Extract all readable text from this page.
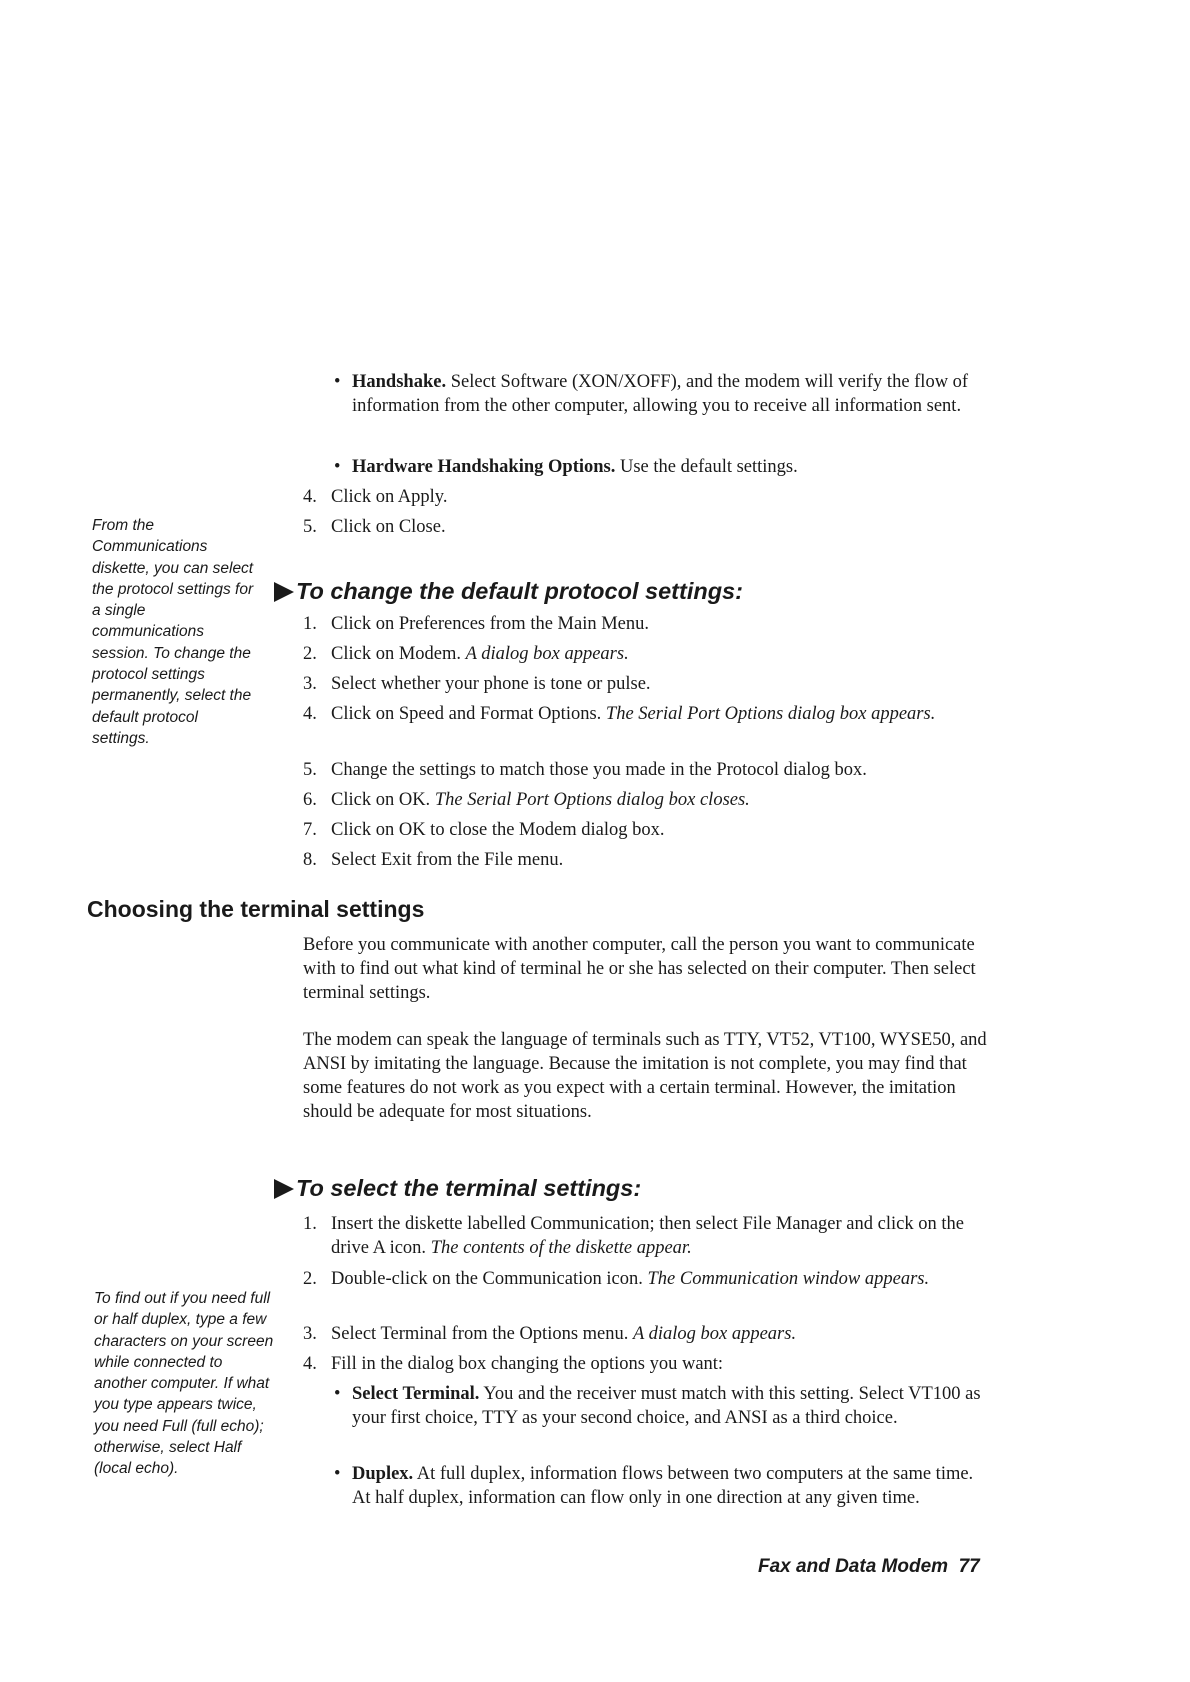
• Handshake. Select Software (XON/XOFF), and the modem will verify the flow of information from the other computer, allowing you to receive all information sent.
• Hardware Handshaking Options. Use the default settings.
4. Click on Apply.
5. Click on Close.
From the Communications diskette, you can select the protocol settings for a single communications session. To change the protocol settings permanently, select the default protocol settings.
To change the default protocol settings:
1. Click on Preferences from the Main Menu.
2. Click on Modem. A dialog box appears.
3. Select whether your phone is tone or pulse.
4. Click on Speed and Format Options. The Serial Port Options dialog box appears.
5. Change the settings to match those you made in the Protocol dialog box.
6. Click on OK. The Serial Port Options dialog box closes.
7. Click on OK to close the Modem dialog box.
8. Select Exit from the File menu.
Choosing the terminal settings
Before you communicate with another computer, call the person you want to communicate with to find out what kind of terminal he or she has selected on their computer. Then select terminal settings.
The modem can speak the language of terminals such as TTY, VT52, VT100, WYSE50, and ANSI by imitating the language. Because the imitation is not complete, you may find that some features do not work as you expect with a certain terminal. However, the imitation should be adequate for most situations.
To select the terminal settings:
1. Insert the diskette labelled Communication; then select File Manager and click on the drive A icon. The contents of the diskette appear.
2. Double-click on the Communication icon. The Communication window appears.
3. Select Terminal from the Options menu. A dialog box appears.
4. Fill in the dialog box changing the options you want:
• Select Terminal. You and the receiver must match with this setting. Select VT100 as your first choice, TTY as your second choice, and ANSI as a third choice.
• Duplex. At full duplex, information flows between two computers at the same time. At half duplex, information can flow only in one direction at any given time.
To find out if you need full or half duplex, type a few characters on your screen while connected to another computer. If what you type appears twice, you need Full (full echo); otherwise, select Half (local echo).
Fax and Data Modem 77
